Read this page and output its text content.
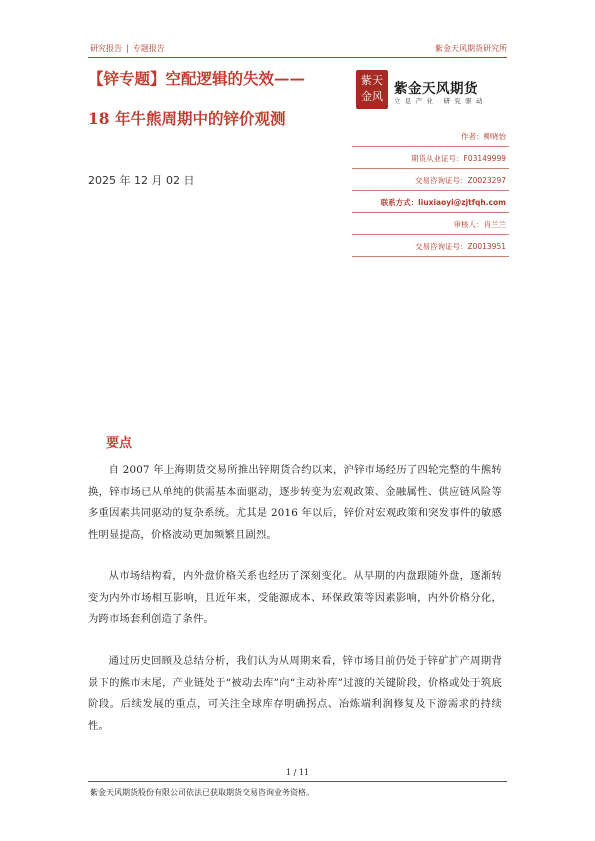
研究报告 | 专题报告	紫金天风期货研究所
【锌专题】空配逻辑的失效——
18 年牛熊周期中的锌价观测
紫天金风 紫金天风期货
立足产业 研究驱动
作者：柳晓怡
期货从业证号：F03149999
交易咨询证号：Z0023297
联系方式：liuxiaoyi@zjtfqh.com
审核人：肖兰兰
交易咨询证号：Z0013951
2025 年 12 月 02 日
要点
自 2007 年上海期货交易所推出锌期货合约以来，沪锌市场经历了四轮完整的牛熊转换，锌市场已从单纯的供需基本面驱动，逐步转变为宏观政策、金融属性、供应链风险等多重因素共同驱动的复杂系统。尤其是 2016 年以后，锌价对宏观政策和突发事件的敏感性明显提高，价格波动更加频繁且剧烈。
从市场结构看，内外盘价格关系也经历了深刻变化。从早期的内盘跟随外盘，逐渐转变为内外市场相互影响，且近年来，受能源成本、环保政策等因素影响，内外价格分化，为跨市场套利创造了条件。
通过历史回顾及总结分析，我们认为从周期来看，锌市场目前仍处于锌矿扩产周期背景下的熊市末尾，产业链处于“被动去库”向“主动补库”过渡的关键阶段，价格或处于筑底阶段。后续发展的重点，可关注全球库存明确拐点、冶炼端利润修复及下游需求的持续性。
1 / 11
紫金天风期货股份有限公司依法已获取期货交易咨询业务资格。
